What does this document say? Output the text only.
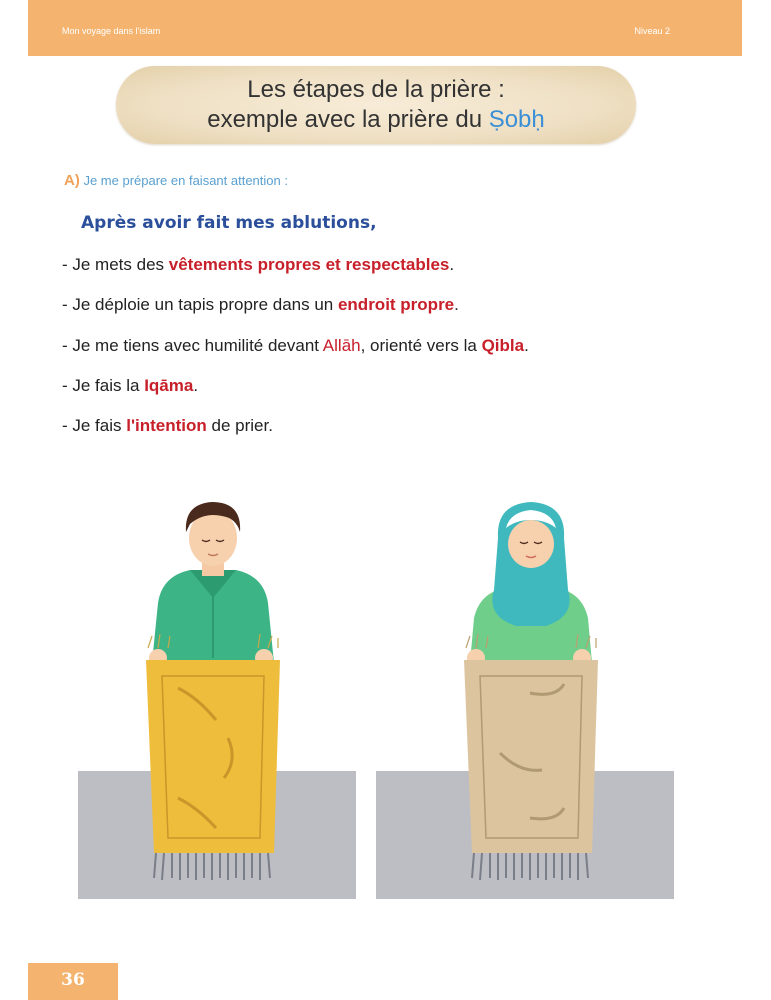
Mon voyage dans l'islam	Niveau 2
Les étapes de la prière :
exemple avec la prière du Ṣobḥ
A) Je me prépare en faisant attention :
Après avoir fait mes ablutions,
- Je mets des vêtements propres et respectables.
- Je déploie un tapis propre dans un endroit propre.
- Je me tiens avec humilité devant Allāh, orienté vers la Qibla.
- Je fais la Iqāma.
- Je fais l'intention de prier.
36
